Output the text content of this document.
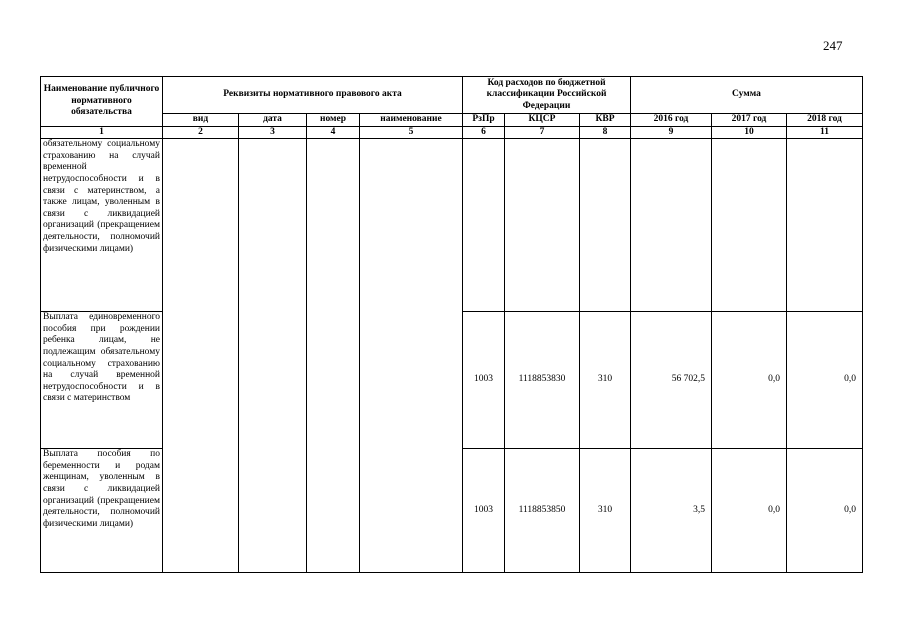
247
Наименование публичного нормативного обязательства	Реквизиты нормативного правового акта				Код расходов по бюджетной классификации Российской Федерации			Сумма		
	вид	дата	номер	наименование	РзПр	КЦСР	КВР	2016 год	2017 год	2018 год
1	2	3	4	5	6	7	8	9	10	11
обязательному социальному страхованию на случай временной нетрудоспособности и в связи с материнством, а также лицам, уволенным в связи с ликвидацией организаций (прекращением деятельности, полномочий физическими лицами)										
Выплата единовременного пособия при рождении ребенка лицам, не подлежащим обязательному социальному страхованию на случай временной нетрудоспособности и в связи с материнством					1003	1118853830	310	56 702,5	0,0	0,0
Выплата пособия по беременности и родам женщинам, уволенным в связи с ликвидацией организаций (прекращением деятельности, полномочий физическими лицами)					1003	1118853850	310	3,5	0,0	0,0
